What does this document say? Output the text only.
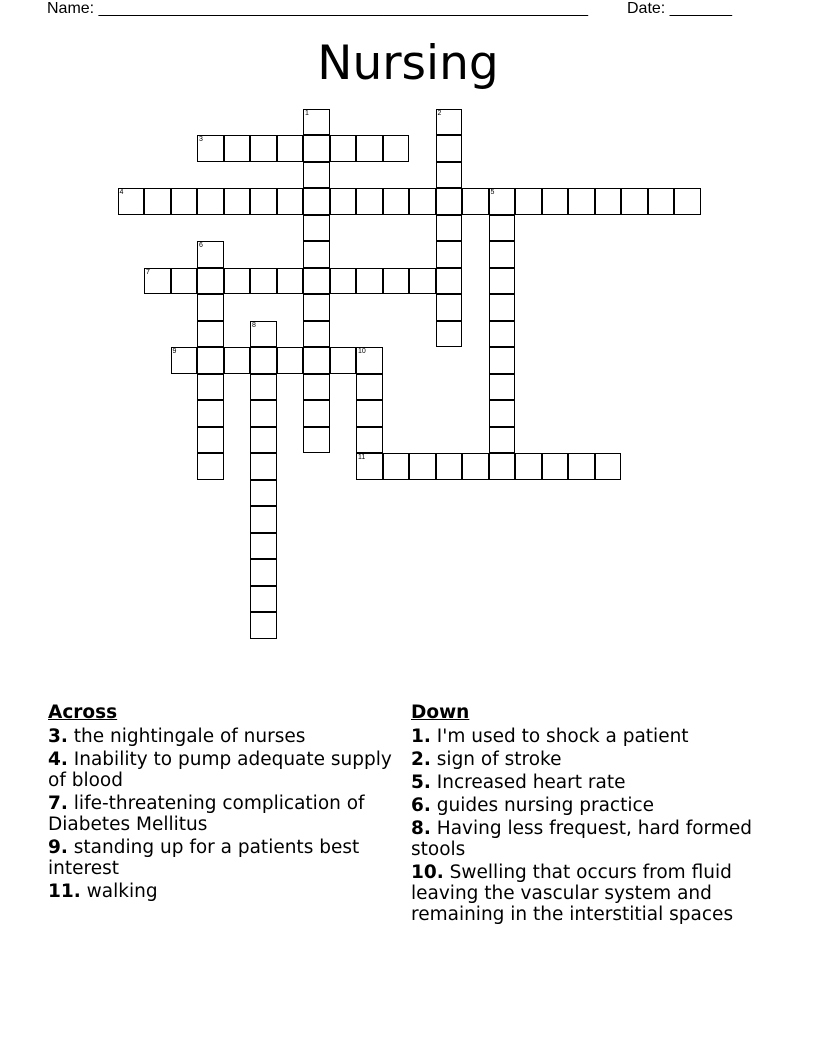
Name: _______________________________________________________	Date: _______
Nursing
1	2
3
4	5
6
7
8
9	10
11
Across
3. the nightingale of nurses
4. Inability to pump adequate supply of blood
7. life-threatening complication of Diabetes Mellitus
9. standing up for a patients best interest
11. walking
Down
1. I'm used to shock a patient
2. sign of stroke
5. Increased heart rate
6. guides nursing practice
8. Having less frequest, hard formed stools
10. Swelling that occurs from fluid leaving the vascular system and remaining in the interstitial spaces
